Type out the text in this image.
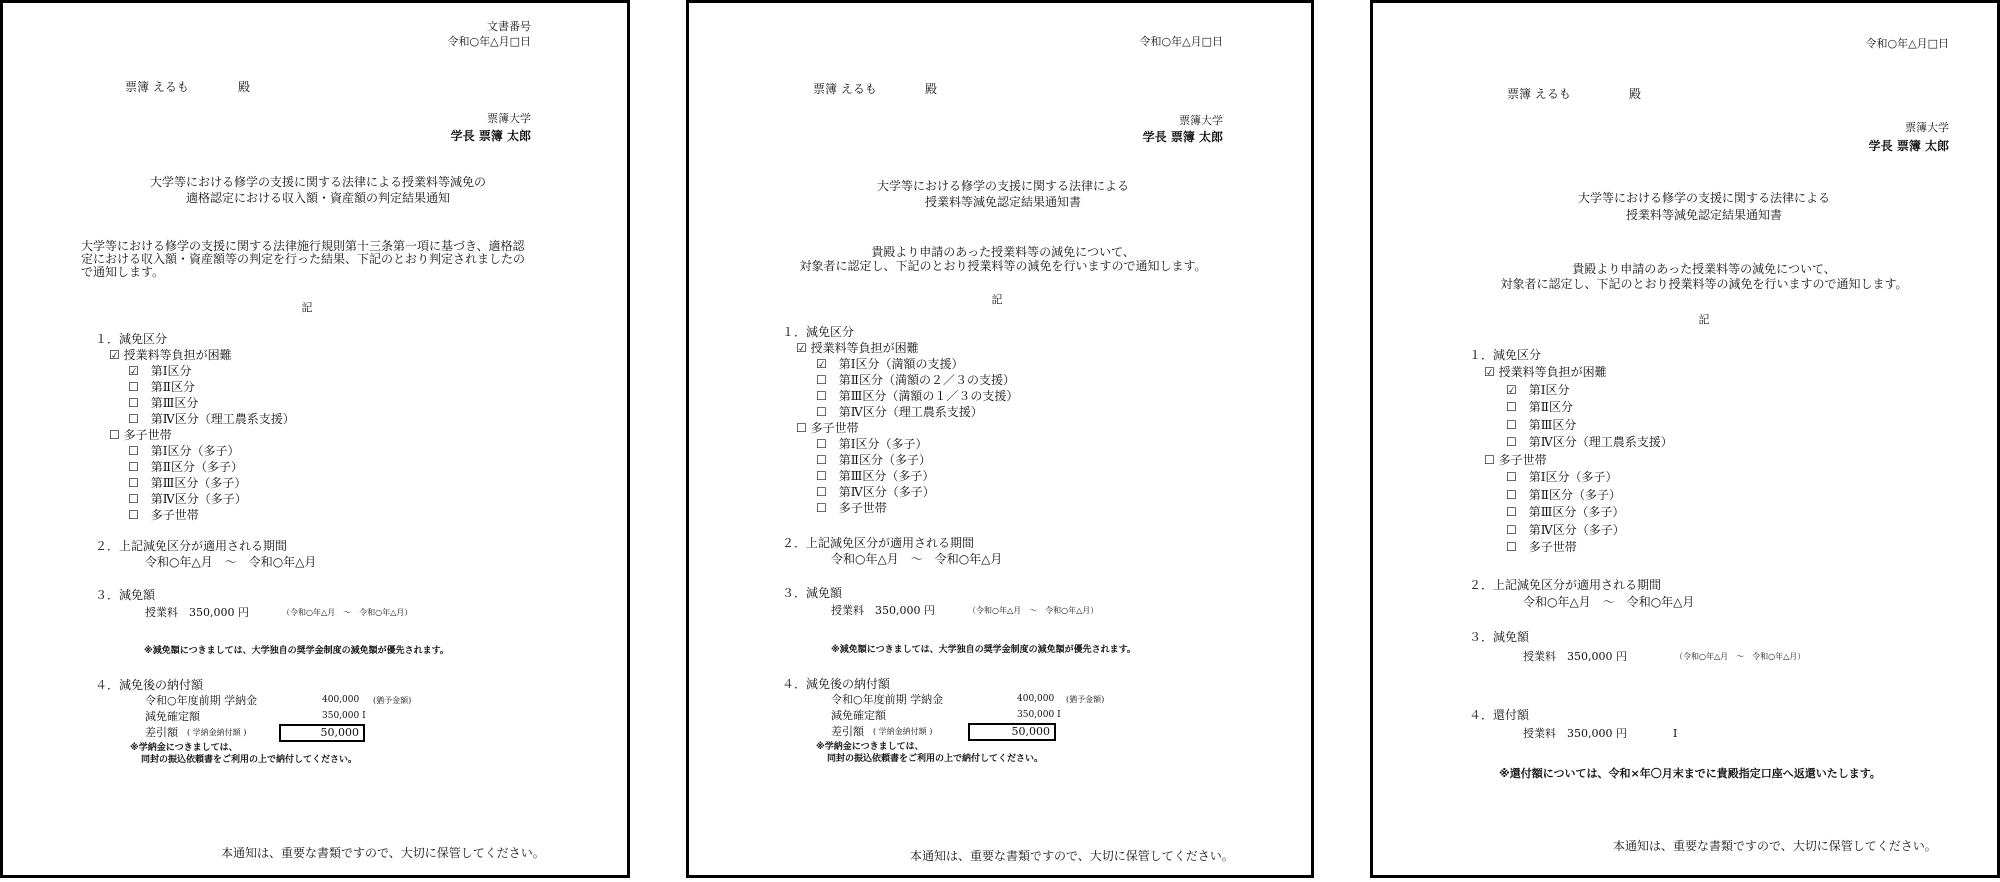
文書番号
令和○年△月□日
票簿 えるも	殿
票簿大学
学長 票簿 太郎
大学等における修学の支援に関する法律による授業料等減免の
適格認定における収入額・資産額の判定結果通知
大学等における修学の支援に関する法律施行規則第十三条第一項に基づき、適格認定における収入額・資産額等の判定を行った結果、下記のとおり判定されましたので通知します。
記
１．減免区分
☑ 授業料等負担が困難
☑　 第Ⅰ区分
☐　 第Ⅱ区分
☐　 第Ⅲ区分
☐　 第Ⅳ区分（理工農系支援）
☐ 多子世帯
☐　 第Ⅰ区分（多子）
☐　 第Ⅱ区分（多子）
☐　 第Ⅲ区分（多子）
☐　 第Ⅳ区分（多子）
☐　 多子世帯
２．上記減免区分が適用される期間
令和○年△月　～　令和○年△月
３．減免額
授業料　350,000 円	（令和○年△月　～　令和○年△月）
※減免額につきましては、大学独自の奨学金制度の減免額が優先されます。
４．減免後の納付額
令和○年度前期 学納金	400,000 (猶予金額)
減免確定額	350,000 I
差引額 ( 学納金納付額 )	50,000
※学納金につきましては、
同封の振込依頼書をご利用の上で納付してください。
本通知は、重要な書類ですので、大切に保管してください。
令和○年△月□日
票簿 えるも	殿
票簿大学
学長 票簿 太郎
大学等における修学の支援に関する法律による
授業料等減免認定結果通知書
貴殿より申請のあった授業料等の減免について、
対象者に認定し、下記のとおり授業料等の減免を行いますので通知します。
記
１．減免区分
☑ 授業料等負担が困難
☑　 第Ⅰ区分（満額の支援）
☐　 第Ⅱ区分（満額の２／３の支援）
☐　 第Ⅲ区分（満額の１／３の支援）
☐　 第Ⅳ区分（理工農系支援）
☐ 多子世帯
☐　 第Ⅰ区分（多子）
☐　 第Ⅱ区分（多子）
☐　 第Ⅲ区分（多子）
☐　 第Ⅳ区分（多子）
☐　 多子世帯
２．上記減免区分が適用される期間
令和○年△月　～　令和○年△月
３．減免額
授業料　350,000 円	（令和○年△月　～　令和○年△月）
※減免額につきましては、大学独自の奨学金制度の減免額が優先されます。
４．減免後の納付額
令和○年度前期 学納金	400,000 (猶予金額)
減免確定額	350,000 I
差引額 ( 学納金納付額 )	50,000
※学納金につきましては、
同封の振込依頼書をご利用の上で納付してください。
本通知は、重要な書類ですので、大切に保管してください。
令和○年△月□日
票簿 えるも	殿
票簿大学
学長 票簿 太郎
大学等における修学の支援に関する法律による
授業料等減免認定結果通知書
貴殿より申請のあった授業料等の減免について、
対象者に認定し、下記のとおり授業料等の減免を行いますので通知します。
記
１．減免区分
☑ 授業料等負担が困難
☑　 第Ⅰ区分
☐　 第Ⅱ区分
☐　 第Ⅲ区分
☐　 第Ⅳ区分（理工農系支援）
☐ 多子世帯
☐　 第Ⅰ区分（多子）
☐　 第Ⅱ区分（多子）
☐　 第Ⅲ区分（多子）
☐　 第Ⅳ区分（多子）
☐　 多子世帯
２．上記減免区分が適用される期間
令和○年△月　～　令和○年△月
３．減免額
授業料　350,000 円	（令和○年△月　～　令和○年△月）
４．還付額
授業料　350,000 円	I
※還付額については、令和×年〇月末までに貴殿指定口座へ返還いたします。
本通知は、重要な書類ですので、大切に保管してください。
